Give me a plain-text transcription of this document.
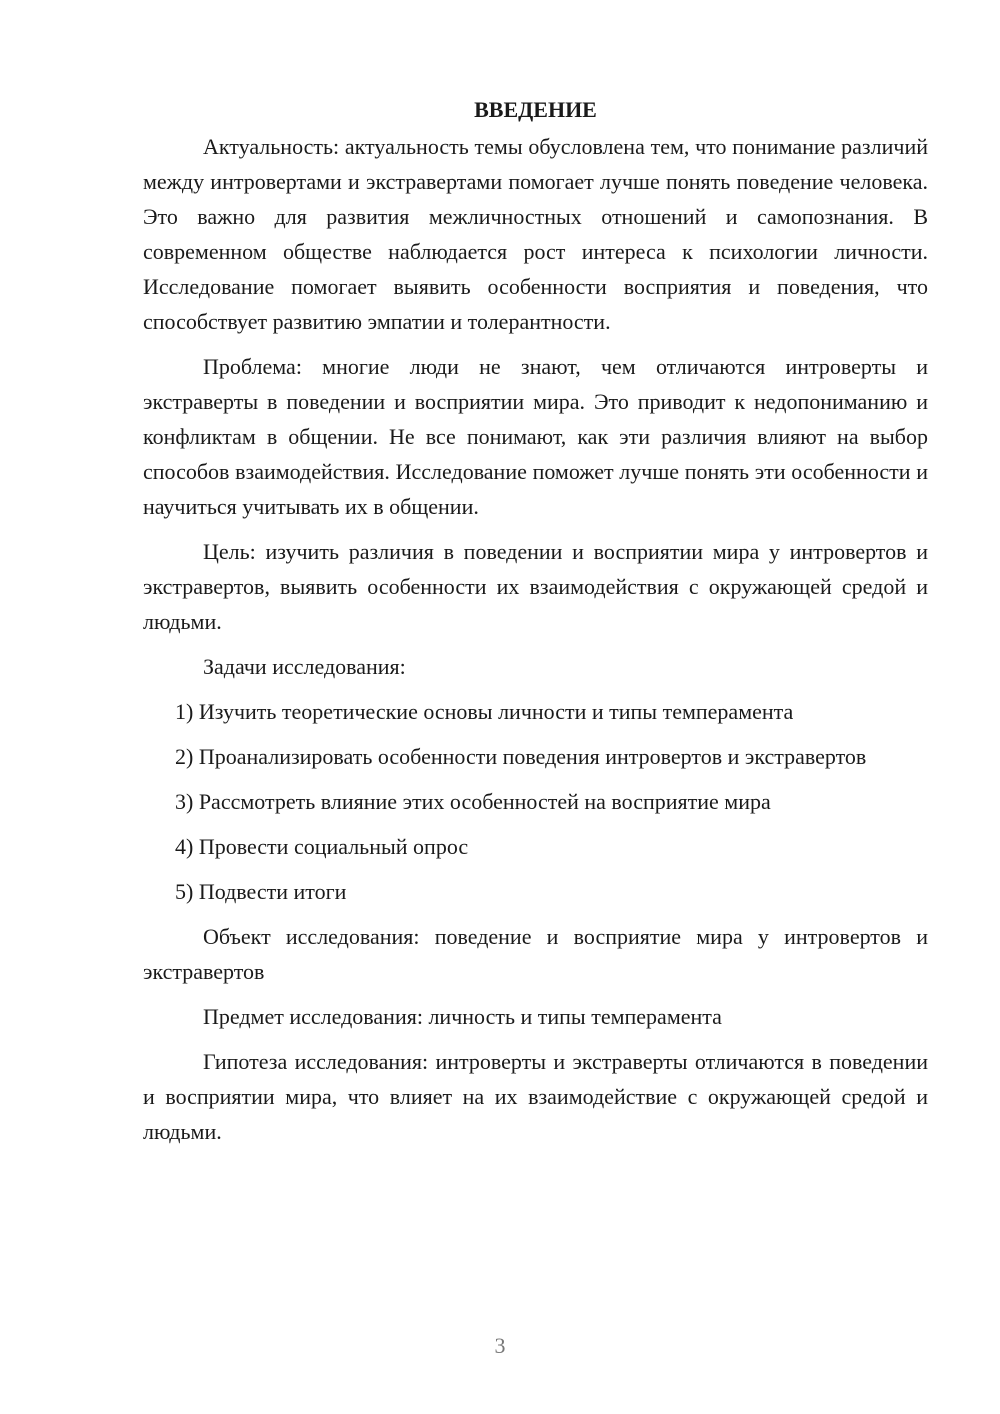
ВВЕДЕНИЕ

Актуальность: актуальность темы обусловлена тем, что понимание различий между интровертами и экстравертами помогает лучше понять поведение человека. Это важно для развития межличностных отношений и самопознания. В современном обществе наблюдается рост интереса к психологии личности. Исследование помогает выявить особенности восприятия и поведения, что способствует развитию эмпатии и толерантности.

Проблема: многие люди не знают, чем отличаются интроверты и экстраверты в поведении и восприятии мира. Это приводит к недопониманию и конфликтам в общении. Не все понимают, как эти различия влияют на выбор способов взаимодействия. Исследование поможет лучше понять эти особенности и научиться учитывать их в общении.

Цель: изучить различия в поведении и восприятии мира у интровертов и экстравертов, выявить особенности их взаимодействия с окружающей средой и людьми.

Задачи исследования:

1) Изучить теоретические основы личности и типы темперамента

2) Проанализировать особенности поведения интровертов и экстравертов

3) Рассмотреть влияние этих особенностей на восприятие мира

4) Провести социальный опрос

5) Подвести итоги

Объект исследования: поведение и восприятие мира у интровертов и экстравертов

Предмет исследования: личность и типы темперамента

Гипотеза исследования: интроверты и экстраверты отличаются в поведении и восприятии мира, что влияет на их взаимодействие с окружающей средой и людьми.

3
